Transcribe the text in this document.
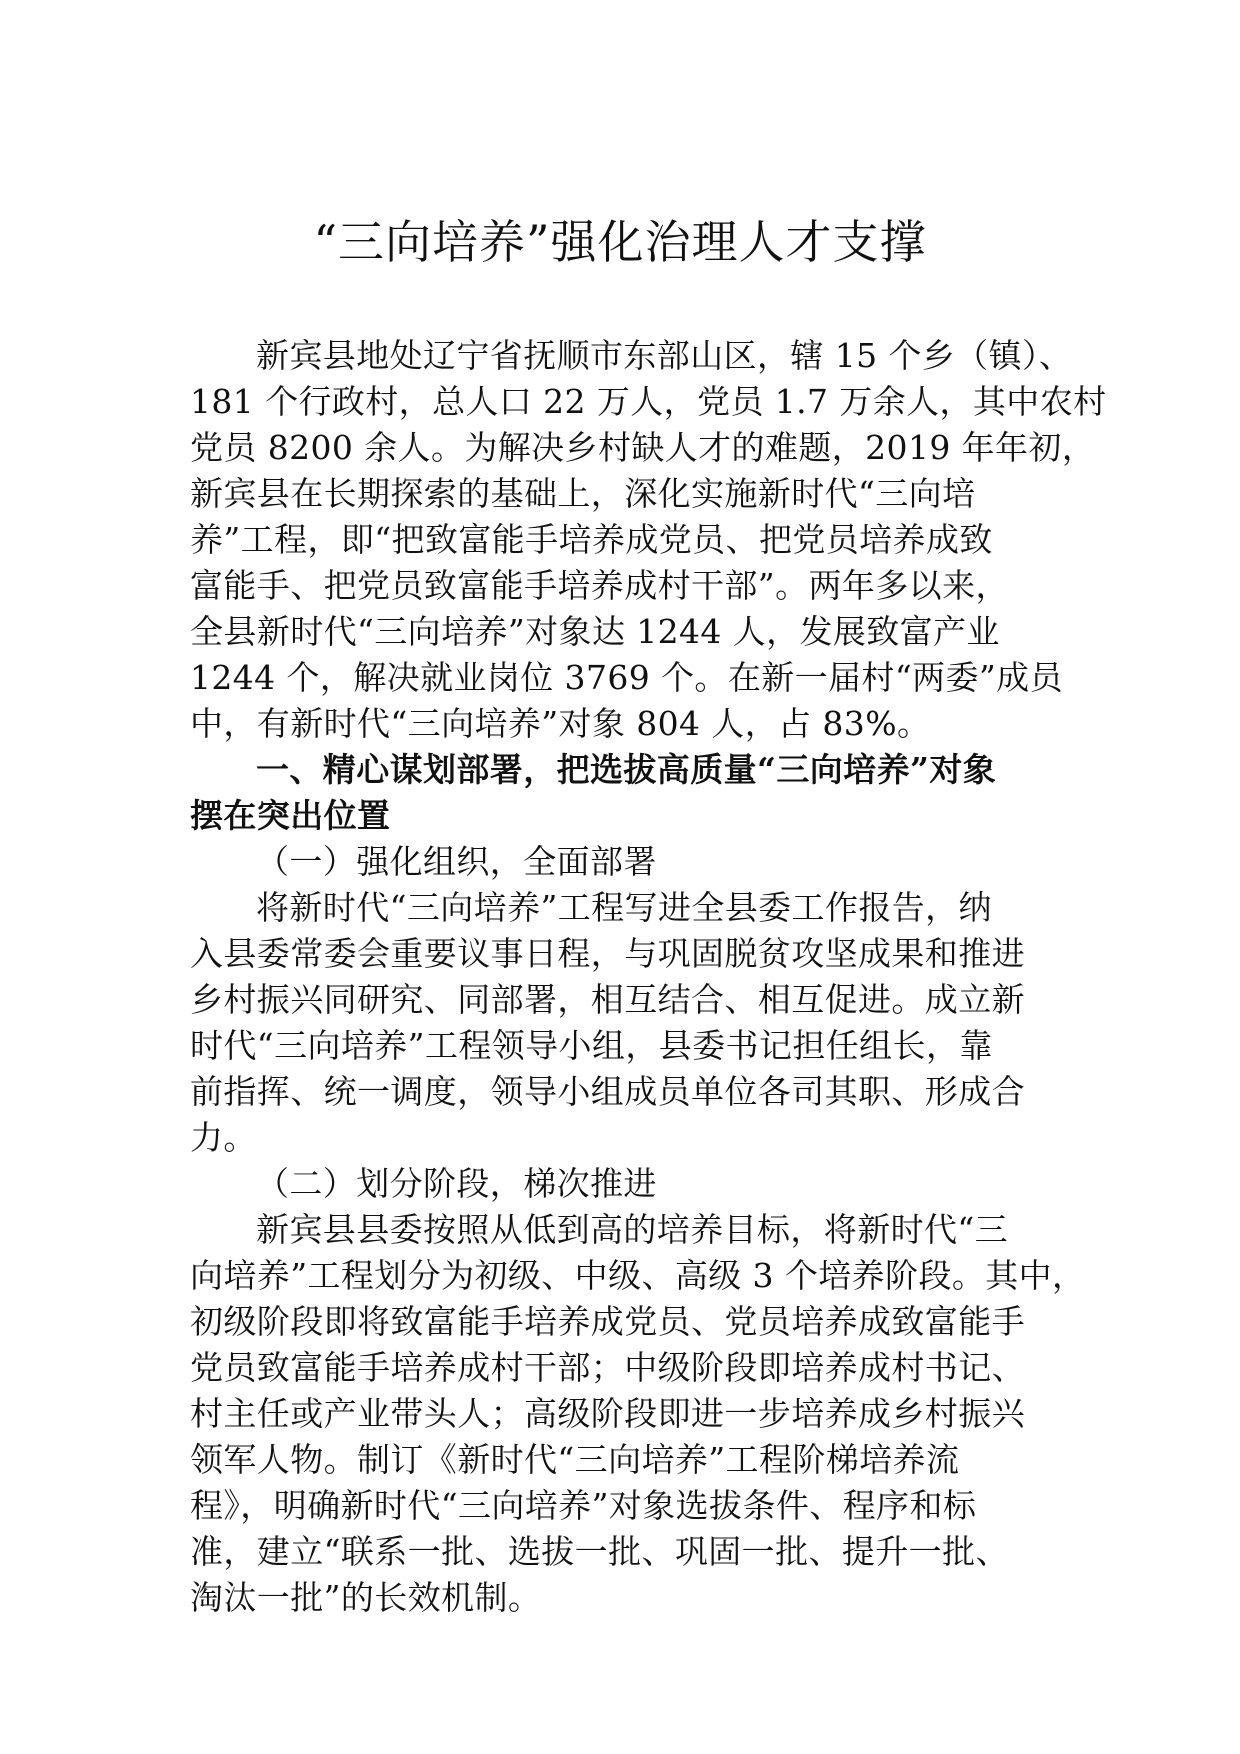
“三向培养”强化治理人才支撑
新宾县地处辽宁省抚顺市东部山区，辖 15 个乡（镇）、
181 个行政村，总人口 22 万人，党员 1.7 万余人，其中农村
党员 8200 余人。为解决乡村缺人才的难题，2019 年年初，
新宾县在长期探索的基础上，深化实施新时代“三向培
养”工程，即“把致富能手培养成党员、把党员培养成致
富能手、把党员致富能手培养成村干部”。两年多以来，
全县新时代“三向培养”对象达 1244 人，发展致富产业
1244 个，解决就业岗位 3769 个。在新一届村“两委”成员
中，有新时代“三向培养”对象 804 人，占 83%。
一、精心谋划部署，把选拔高质量“三向培养”对象
摆在突出位置
（一）强化组织，全面部署
将新时代“三向培养”工程写进全县委工作报告，纳
入县委常委会重要议事日程，与巩固脱贫攻坚成果和推进
乡村振兴同研究、同部署，相互结合、相互促进。成立新
时代“三向培养”工程领导小组，县委书记担任组长，靠
前指挥、统一调度，领导小组成员单位各司其职、形成合
力。
（二）划分阶段，梯次推进
新宾县县委按照从低到高的培养目标，将新时代“三
向培养”工程划分为初级、中级、高级 3 个培养阶段。其中，
初级阶段即将致富能手培养成党员、党员培养成致富能手
党员致富能手培养成村干部；中级阶段即培养成村书记、
村主任或产业带头人；高级阶段即进一步培养成乡村振兴
领军人物。制订《新时代“三向培养”工程阶梯培养流
程》，明确新时代“三向培养”对象选拔条件、程序和标
准，建立“联系一批、选拔一批、巩固一批、提升一批、
淘汰一批”的长效机制。
